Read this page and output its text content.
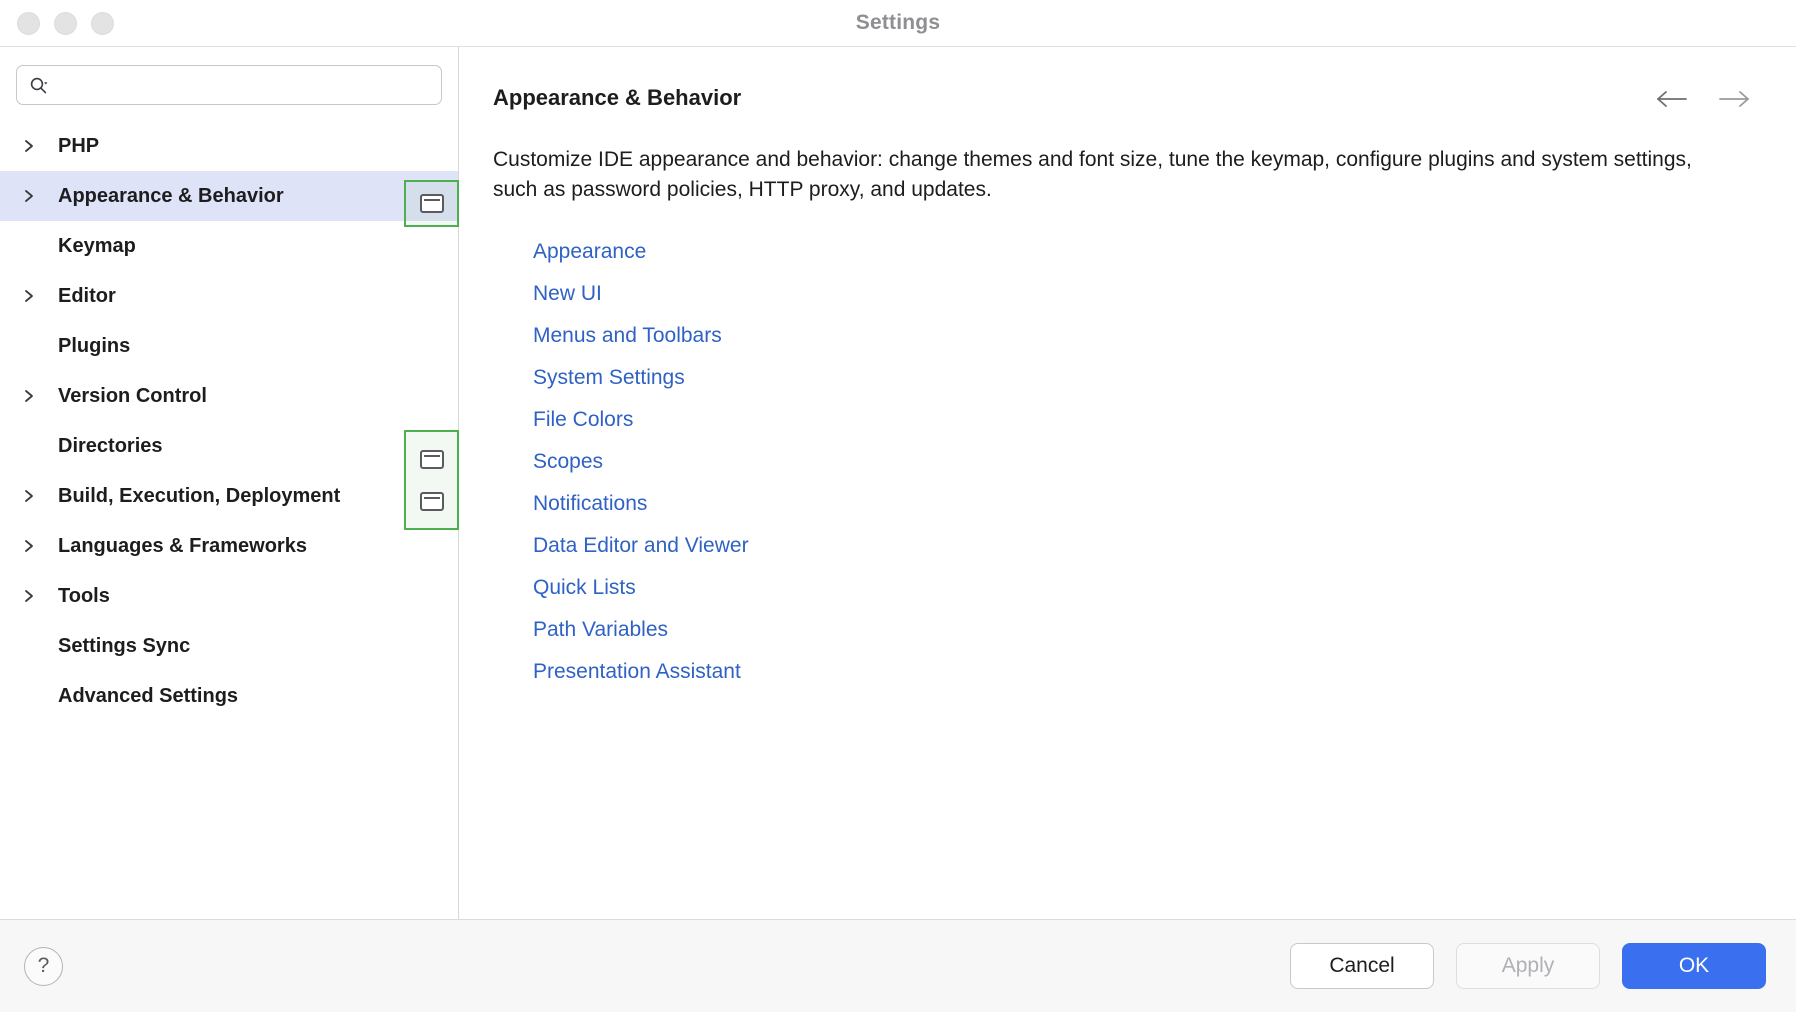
Settings
PHP
Appearance & Behavior
Keymap
Editor
Plugins
Version Control
Directories
Build, Execution, Deployment
Languages & Frameworks
Tools
Settings Sync
Advanced Settings
Appearance & Behavior
Customize IDE appearance and behavior: change themes and font size, tune the keymap, configure plugins and system settings, such as password policies, HTTP proxy, and updates.
Appearance
New UI
Menus and Toolbars
System Settings
File Colors
Scopes
Notifications
Data Editor and Viewer
Quick Lists
Path Variables
Presentation Assistant
?	Cancel	Apply	OK
